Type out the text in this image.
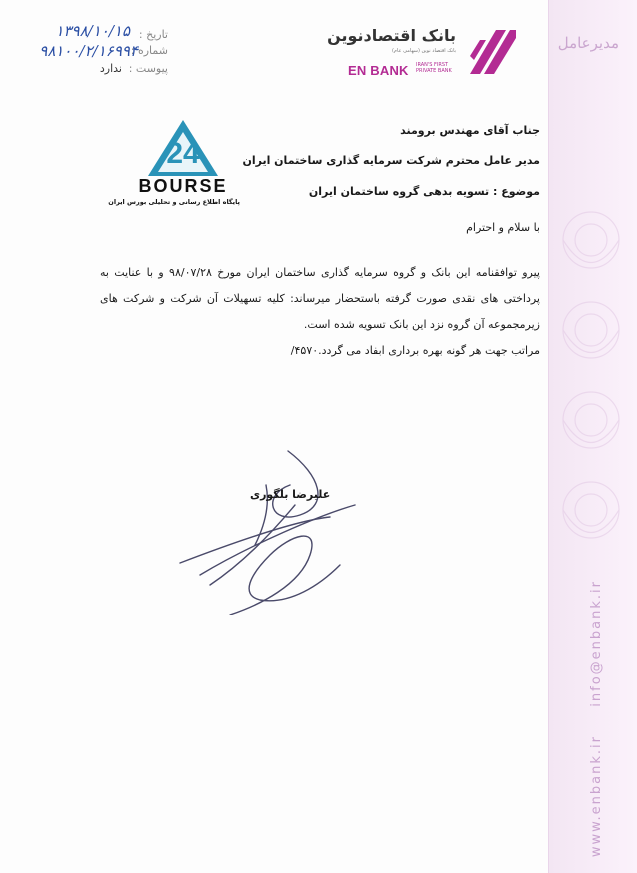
مدیرعامل
www.enbank.ir
info@enbank.ir
بانک اقتصادنوین
بانک اقتصاد نوین (سهامی عام)
EN BANK IRAN'S FIRST PRIVATE BANK
تاریخ :
۱۳۹۸/۱۰/۱۵
شماره :
۹۸۱۰۰/۲/۱۶۹۹۴
پیوست :
ندارد
24
BOURSE
پایگاه اطلاع رسانی و تحلیلی بورس ایران
جناب آقای مهندس برومند
مدیر عامل محترم شرکت سرمایه گذاری ساختمان ایران
موضوع : تسویه بدهی گروه ساختمان ایران
با سلام و احترام
پیرو توافقنامه این بانک و گروه سرمایه گذاری ساختمان ایران مورخ ۹۸/۰۷/۲۸ و با عنایت به
پرداختی های نقدی صورت گرفته باستحضار میرساند: کلیه تسهیلات آن شرکت و شرکت های
زیرمجموعه آن گروه نزد این بانک تسویه شده است.
مراتب جهت هر گونه بهره برداری ابفاد می گردد.۴۵۷۰/
علیرضا بلگوری
